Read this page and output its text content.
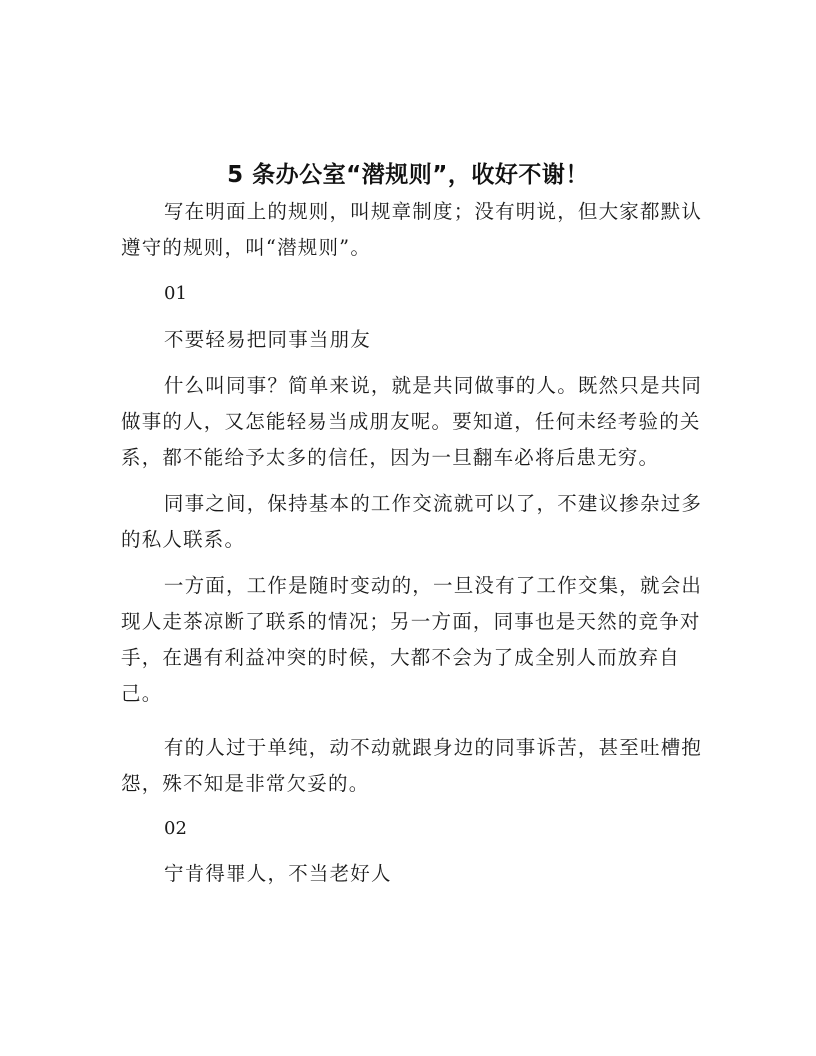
5 条办公室“潜规则”，收好不谢！

写在明面上的规则，叫规章制度；没有明说，但大家都默认遵守的规则，叫“潜规则”。

01

不要轻易把同事当朋友

什么叫同事？简单来说，就是共同做事的人。既然只是共同做事的人，又怎能轻易当成朋友呢。要知道，任何未经考验的关系，都不能给予太多的信任，因为一旦翻车必将后患无穷。

同事之间，保持基本的工作交流就可以了，不建议掺杂过多的私人联系。

一方面，工作是随时变动的，一旦没有了工作交集，就会出现人走茶凉断了联系的情况；另一方面，同事也是天然的竞争对手，在遇有利益冲突的时候，大都不会为了成全别人而放弃自己。

有的人过于单纯，动不动就跟身边的同事诉苦，甚至吐槽抱怨，殊不知是非常欠妥的。

02

宁肯得罪人，不当老好人
